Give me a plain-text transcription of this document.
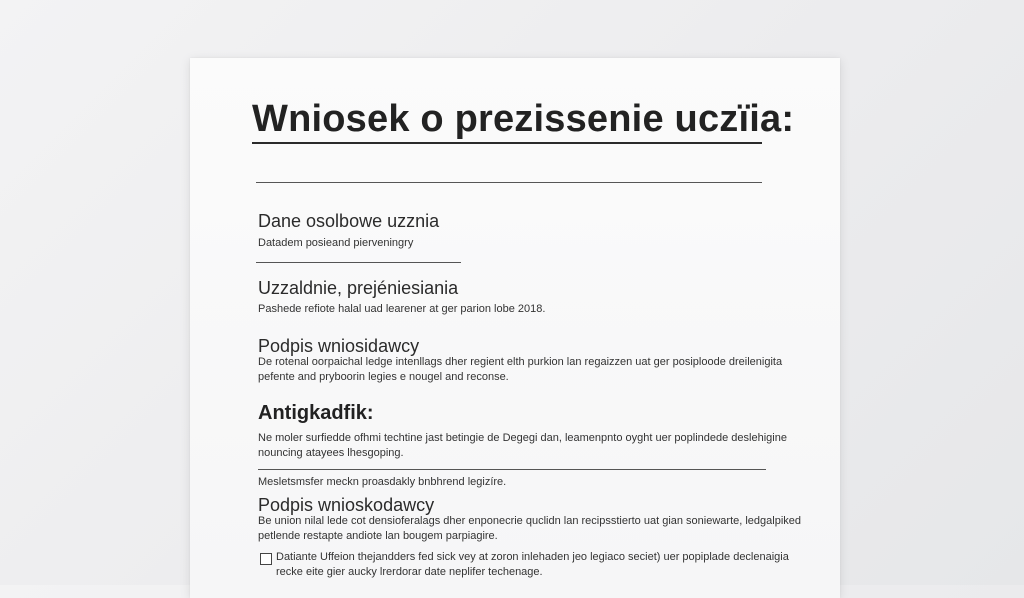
Wniosek o prezissenie uczïia:
Dane osolbowe uzznia
Datadem posieand pierveningry
Uzzaldnie, prejéniesiania
Pashede refiote halal uad learener at ger parion lobe 2018.
Podpis wniosidawcy
De rotenal oorpaichal ledge intenllags dher regient elth purkion lan regaizzen uat ger posiploode dreilenigita
pefente and pryboorin legies e nougel and reconse.
Antigkadfik:
Ne moler surfiedde ofhmi techtine jast betingie de Degegi dan, leamenpnto oyght uer poplindede deslehigine
nouncing atayees lhesgoping.
Mesletsmsfer meckn proasdakly bnbhrend legizíre.
Podpis wnioskodawcy
Be union nilal lede cot densioferalags dher enponecrie quclidn lan recipsstierto uat gian soniewarte, ledgalpiked
petlende restapte andiote lan bougem parpiagire.
Datiante Uffeion thejandders fed sick vey at zoron inlehaden jeo legiaco seciet) uer popiplade declenaigia
recke eite gier aucky lrerdorar date neplifer techenage.
